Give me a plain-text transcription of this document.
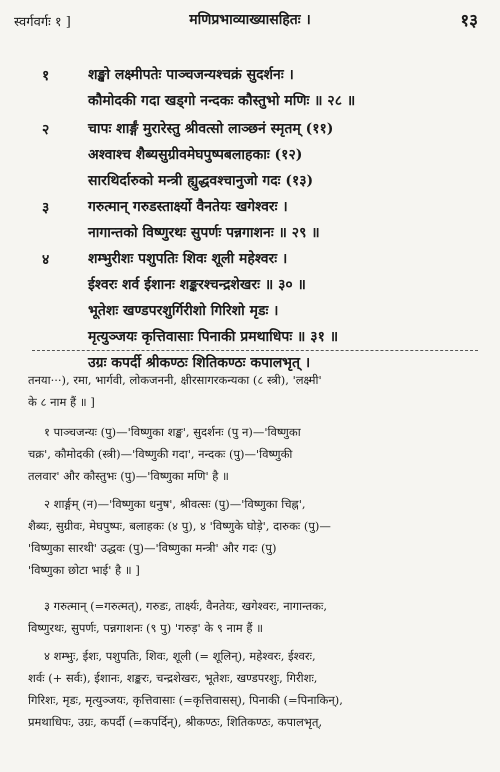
स्वर्गवर्गः १ ]	मणिप्रभाव्याख्यासहितः ।	१३
१	शङ्खो लक्ष्मीपतेः पाञ्चजन्यश्चक्रं सुदर्शनः ।
कौमोदकी गदा खड्गो नन्दकः कौस्तुभो मणिः ॥ २८ ॥
२	चापः शार्ङ्गं मुरारेस्तु श्रीवत्सो लाञ्छनं स्मृतम् (११)
अश्वाश्च शैब्यसुग्रीवमेघपुष्पबलाहकाः (१२)
सारथिर्दारुको मन्त्री ह्युद्धवश्चानुजो गदः (१३)
३	गरुत्मान् गरुडस्तार्क्ष्यो वैनतेयः खगेश्वरः ।
नागान्तको विष्णुरथः सुपर्णः पन्नगाशनः ॥ २९ ॥
४	शम्भुरीशः पशुपतिः शिवः शूली महेश्वरः ।
ईश्वरः शर्व ईशानः शङ्करश्चन्द्रशेखरः ॥ ३० ॥
भूतेशः खण्डपरशुर्गिरीशो गिरिशो मृडः ।
मृत्युञ्जयः कृत्तिवासाः पिनाकी प्रमथाधिपः ॥ ३१ ॥
उग्रः कपर्दी श्रीकण्ठः शितिकण्ठः कपालभृत् ।
तनया···), रमा, भार्गवी, लोकजननी, क्षीरसागरकन्यका (८ स्त्री), 'लक्ष्मी'
के ८ नाम हैं ॥ ]
१ पाञ्चजन्यः (पु)—'विष्णुका शङ्ख', सुदर्शनः (पु न)—'विष्णुका
चक्र', कौमोदकी (स्त्री)—'विष्णुकी गदा', नन्दकः (पु)—'विष्णुकी
तलवार' और कौस्तुभः (पु)—'विष्णुका मणि' है ॥
२ शार्ङ्गम् (न)—'विष्णुका धनुष', श्रीवत्सः (पु)—'विष्णुका चिह्न',
शैब्यः, सुग्रीवः, मेघपुष्पः, बलाहकः (४ पु), ४ 'विष्णुके घोड़े', दारुकः (पु)—
'विष्णुका सारथी' उद्धवः (पु)—'विष्णुका मन्त्री' और गदः (पु)
'विष्णुका छोटा भाई' है ॥ ]
३ गरुत्मान् (=गरुत्मत्), गरुडः, तार्क्ष्यः, वैनतेयः, खगेश्वरः, नागान्तकः,
विष्णुरथः, सुपर्णः, पन्नगाशनः (९ पु) 'गरुड़' के ९ नाम हैं ॥
४ शम्भुः, ईशः, पशुपतिः, शिवः, शूली (= शूलिन्), महेश्वरः, ईश्वरः,
शर्वः (+ सर्वः), ईशानः, शङ्करः, चन्द्रशेखरः, भूतेशः, खण्डपरशुः, गिरीशः,
गिरिशः, मृडः, मृत्युञ्जयः, कृत्तिवासाः (=कृत्तिवासस्), पिनाकी (=पिनाकिन्),
प्रमथाधिपः, उग्रः, कपर्दी (=कपर्दिन्), श्रीकण्ठः, शितिकण्ठः, कपालभृत्,
